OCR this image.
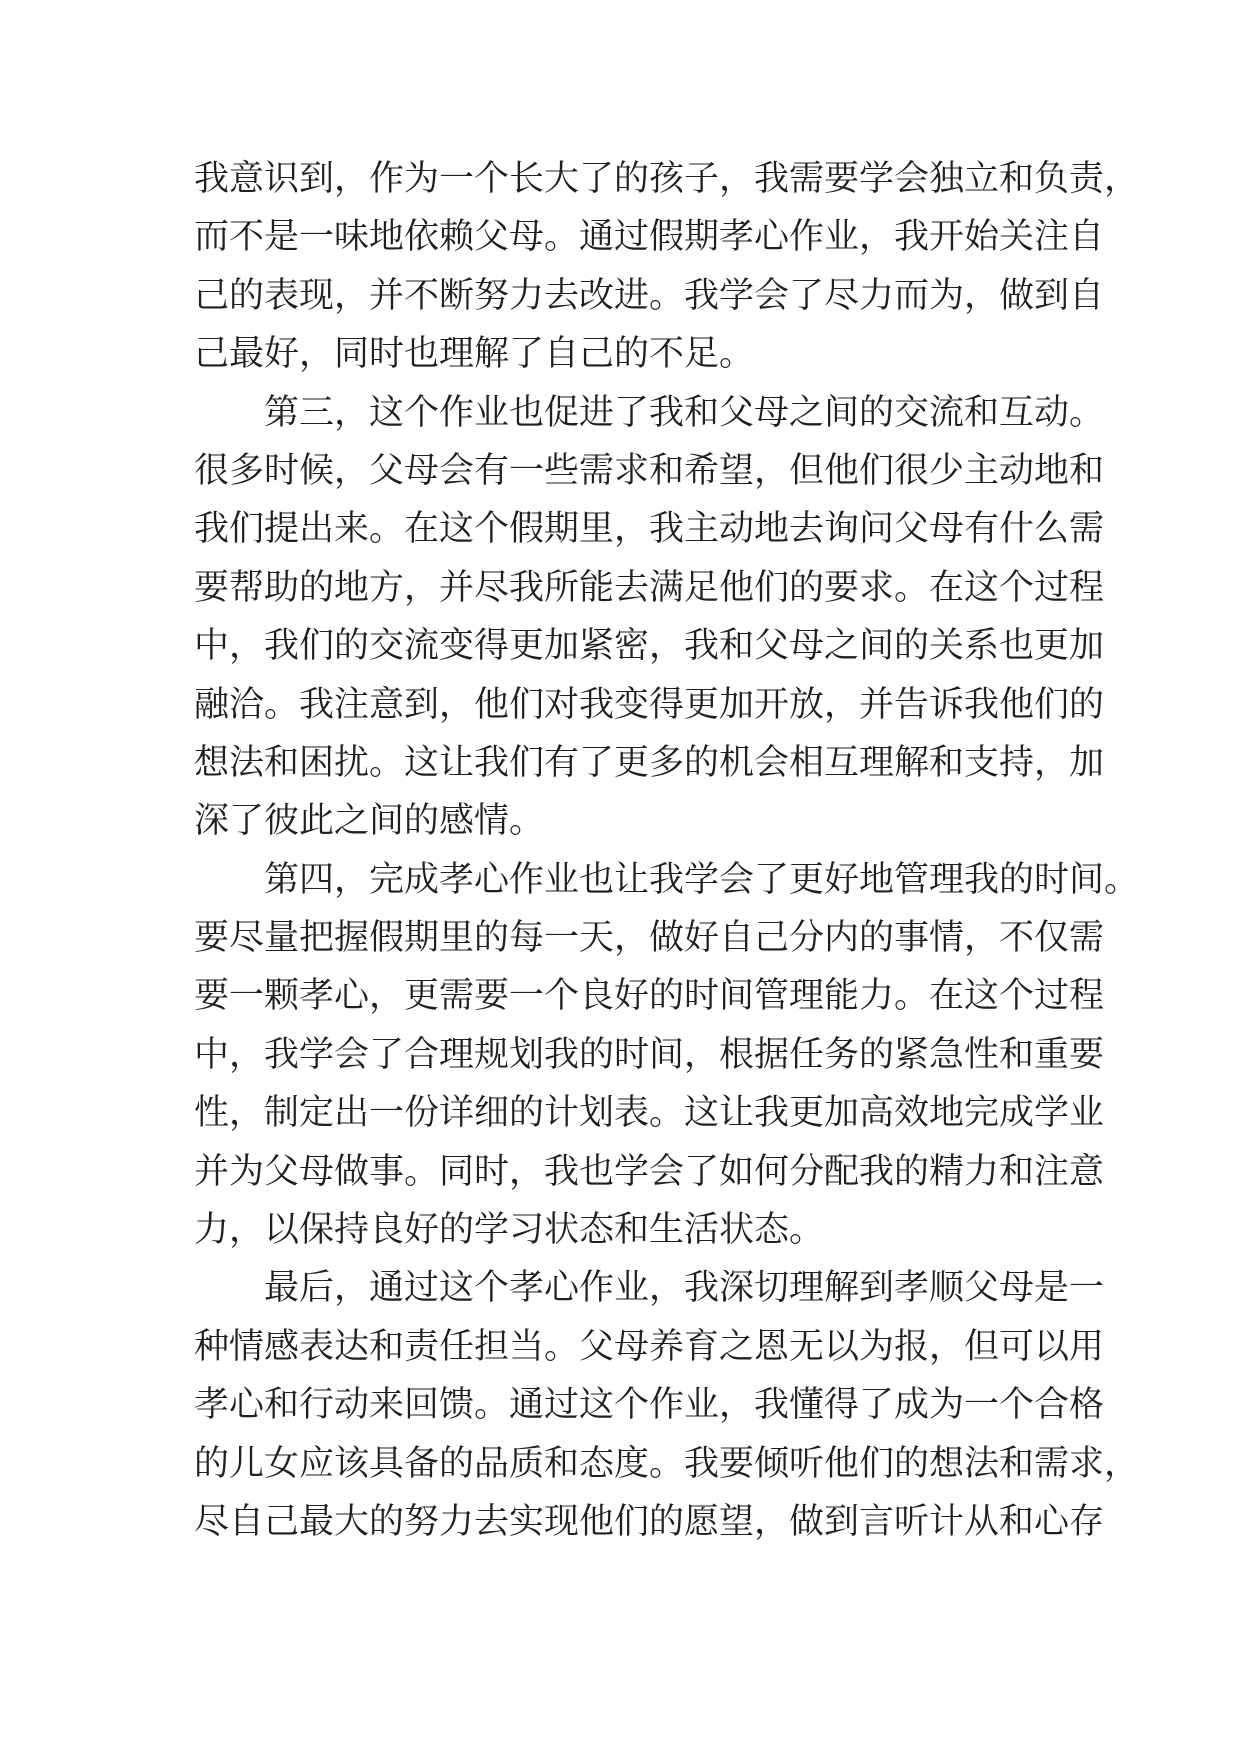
我意识到，作为一个长大了的孩子，我需要学会独立和负责，
而不是一味地依赖父母。通过假期孝心作业，我开始关注自
己的表现，并不断努力去改进。我学会了尽力而为，做到自
己最好，同时也理解了自己的不足。
第三，这个作业也促进了我和父母之间的交流和互动。
很多时候，父母会有一些需求和希望，但他们很少主动地和
我们提出来。在这个假期里，我主动地去询问父母有什么需
要帮助的地方，并尽我所能去满足他们的要求。在这个过程
中，我们的交流变得更加紧密，我和父母之间的关系也更加
融洽。我注意到，他们对我变得更加开放，并告诉我他们的
想法和困扰。这让我们有了更多的机会相互理解和支持，加
深了彼此之间的感情。
第四，完成孝心作业也让我学会了更好地管理我的时间。
要尽量把握假期里的每一天，做好自己分内的事情，不仅需
要一颗孝心，更需要一个良好的时间管理能力。在这个过程
中，我学会了合理规划我的时间，根据任务的紧急性和重要
性，制定出一份详细的计划表。这让我更加高效地完成学业
并为父母做事。同时，我也学会了如何分配我的精力和注意
力，以保持良好的学习状态和生活状态。
最后，通过这个孝心作业，我深切理解到孝顺父母是一
种情感表达和责任担当。父母养育之恩无以为报，但可以用
孝心和行动来回馈。通过这个作业，我懂得了成为一个合格
的儿女应该具备的品质和态度。我要倾听他们的想法和需求，
尽自己最大的努力去实现他们的愿望，做到言听计从和心存
